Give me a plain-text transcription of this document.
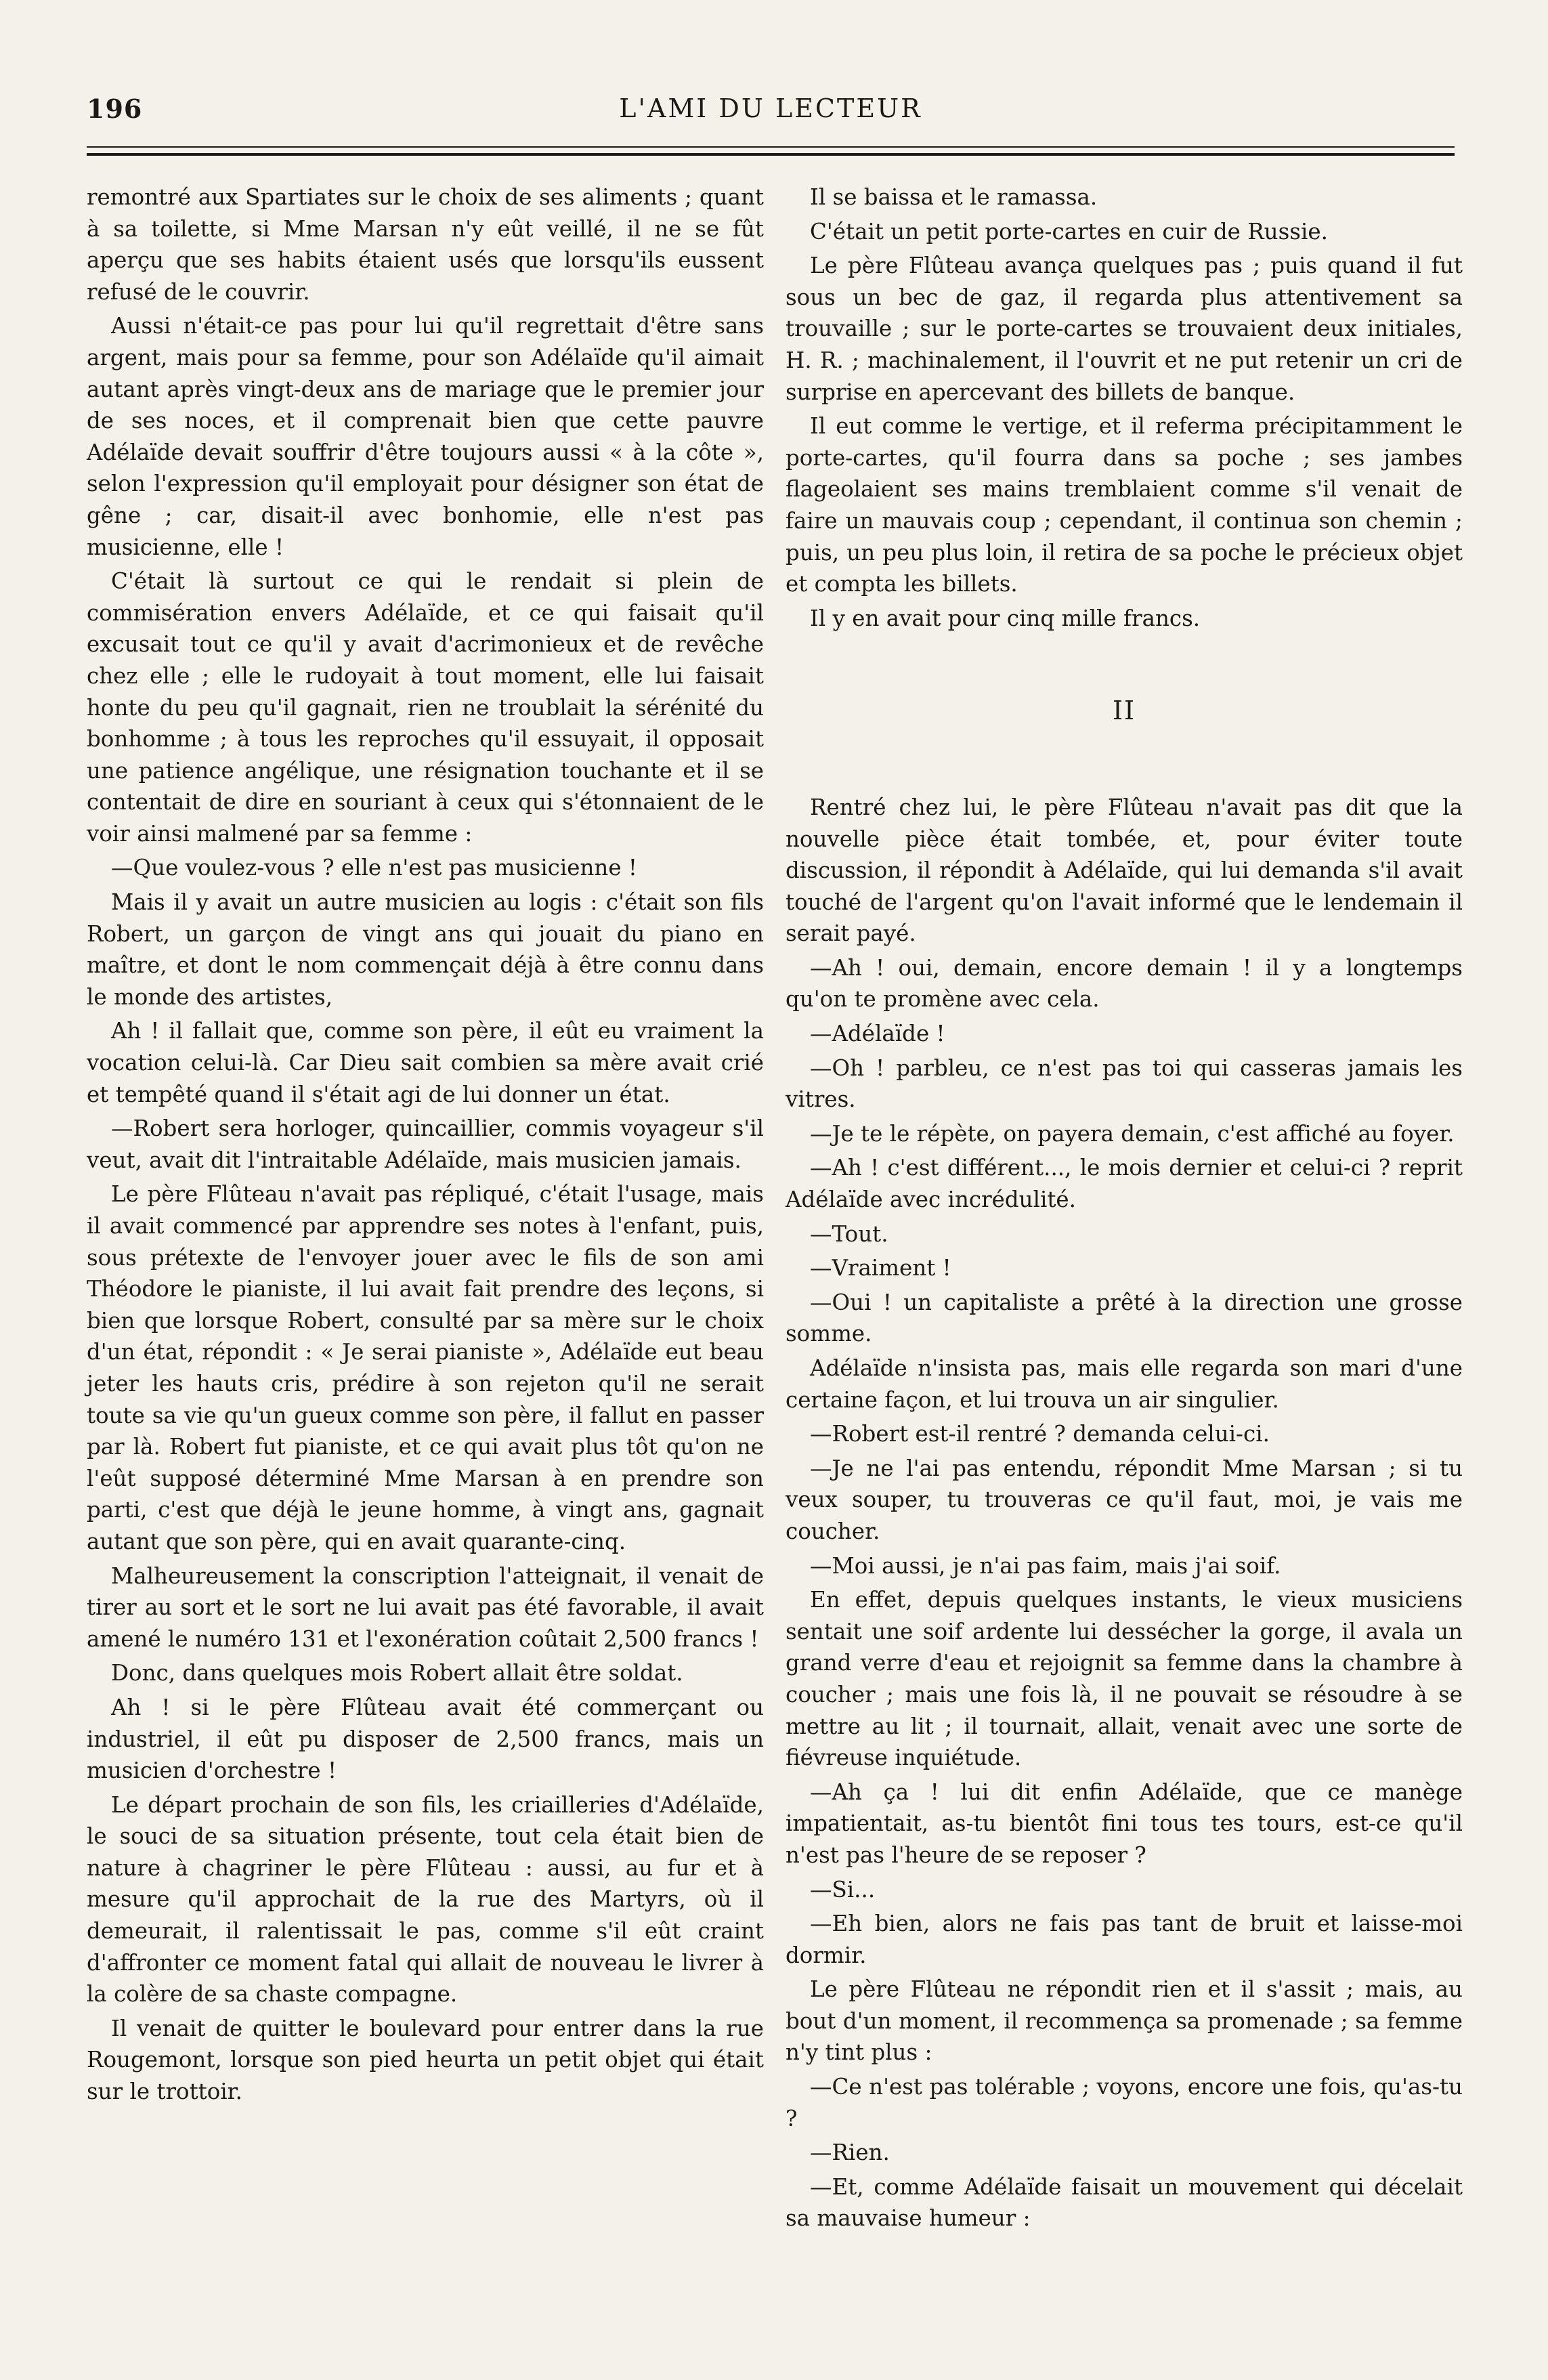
196	L'AMI DU LECTEUR

remontré aux Spartiates sur le choix de ses aliments ; quant à sa toilette, si Mme Marsan n'y eût veillé, il ne se fût aperçu que ses habits étaient usés que lorsqu'ils eussent refusé de le couvrir.

Aussi n'était-ce pas pour lui qu'il regrettait d'être sans argent, mais pour sa femme, pour son Adélaïde qu'il aimait autant après vingt-deux ans de mariage que le premier jour de ses noces, et il comprenait bien que cette pauvre Adélaïde devait souffrir d'être toujours aussi « à la côte », selon l'expression qu'il employait pour désigner son état de gêne ; car, disait-il avec bonhomie, elle n'est pas musicienne, elle !

C'était là surtout ce qui le rendait si plein de commisération envers Adélaïde, et ce qui faisait qu'il excusait tout ce qu'il y avait d'acrimonieux et de revêche chez elle ; elle le rudoyait à tout moment, elle lui faisait honte du peu qu'il gagnait, rien ne troublait la sérénité du bonhomme ; à tous les reproches qu'il essuyait, il opposait une patience angélique, une résignation touchante et il se contentait de dire en souriant à ceux qui s'étonnaient de le voir ainsi malmené par sa femme :

—Que voulez-vous ? elle n'est pas musicienne !

Mais il y avait un autre musicien au logis : c'était son fils Robert, un garçon de vingt ans qui jouait du piano en maître, et dont le nom commençait déjà à être connu dans le monde des artistes,

Ah ! il fallait que, comme son père, il eût eu vraiment la vocation celui-là. Car Dieu sait combien sa mère avait crié et tempêté quand il s'était agi de lui donner un état.

—Robert sera horloger, quincaillier, commis voyageur s'il veut, avait dit l'intraitable Adélaïde, mais musicien jamais.

Le père Flûteau n'avait pas répliqué, c'était l'usage, mais il avait commencé par apprendre ses notes à l'enfant, puis, sous prétexte de l'envoyer jouer avec le fils de son ami Théodore le pianiste, il lui avait fait prendre des leçons, si bien que lorsque Robert, consulté par sa mère sur le choix d'un état, répondit : « Je serai pianiste », Adélaïde eut beau jeter les hauts cris, prédire à son rejeton qu'il ne serait toute sa vie qu'un gueux comme son père, il fallut en passer par là. Robert fut pianiste, et ce qui avait plus tôt qu'on ne l'eût supposé déterminé Mme Marsan à en prendre son parti, c'est que déjà le jeune homme, à vingt ans, gagnait autant que son père, qui en avait quarante-cinq.

Malheureusement la conscription l'atteignait, il venait de tirer au sort et le sort ne lui avait pas été favorable, il avait amené le numéro 131 et l'exonération coûtait 2,500 francs !

Donc, dans quelques mois Robert allait être soldat.

Ah ! si le père Flûteau avait été commerçant ou industriel, il eût pu disposer de 2,500 francs, mais un musicien d'orchestre !

Le départ prochain de son fils, les criailleries d'Adélaïde, le souci de sa situation présente, tout cela était bien de nature à chagriner le père Flûteau : aussi, au fur et à mesure qu'il approchait de la rue des Martyrs, où il demeurait, il ralentissait le pas, comme s'il eût craint d'affronter ce moment fatal qui allait de nouveau le livrer à la colère de sa chaste compagne.

Il venait de quitter le boulevard pour entrer dans la rue Rougemont, lorsque son pied heurta un petit objet qui était sur le trottoir.

Il se baissa et le ramassa.

C'était un petit porte-cartes en cuir de Russie.

Le père Flûteau avança quelques pas ; puis quand il fut sous un bec de gaz, il regarda plus attentivement sa trouvaille ; sur le porte-cartes se trouvaient deux initiales, H. R. ; machinalement, il l'ouvrit et ne put retenir un cri de surprise en apercevant des billets de banque.

Il eut comme le vertige, et il referma précipitamment le porte-cartes, qu'il fourra dans sa poche ; ses jambes flageolaient ses mains tremblaient comme s'il venait de faire un mauvais coup ; cependant, il continua son chemin ; puis, un peu plus loin, il retira de sa poche le précieux objet et compta les billets.

Il y en avait pour cinq mille francs.

II

Rentré chez lui, le père Flûteau n'avait pas dit que la nouvelle pièce était tombée, et, pour éviter toute discussion, il répondit à Adélaïde, qui lui demanda s'il avait touché de l'argent qu'on l'avait informé que le lendemain il serait payé.

—Ah ! oui, demain, encore demain ! il y a longtemps qu'on te promène avec cela.

—Adélaïde !

—Oh ! parbleu, ce n'est pas toi qui casseras jamais les vitres.

—Je te le répète, on payera demain, c'est affiché au foyer.

—Ah ! c'est différent..., le mois dernier et celui-ci ? reprit Adélaïde avec incrédulité.

—Tout.

—Vraiment !

—Oui ! un capitaliste a prêté à la direction une grosse somme.

Adélaïde n'insista pas, mais elle regarda son mari d'une certaine façon, et lui trouva un air singulier.

—Robert est-il rentré ? demanda celui-ci.

—Je ne l'ai pas entendu, répondit Mme Marsan ; si tu veux souper, tu trouveras ce qu'il faut, moi, je vais me coucher.

—Moi aussi, je n'ai pas faim, mais j'ai soif.

En effet, depuis quelques instants, le vieux musiciens sentait une soif ardente lui dessécher la gorge, il avala un grand verre d'eau et rejoignit sa femme dans la chambre à coucher ; mais une fois là, il ne pouvait se résoudre à se mettre au lit ; il tournait, allait, venait avec une sorte de fiévreuse inquiétude.

—Ah ça ! lui dit enfin Adélaïde, que ce manège impatientait, as-tu bientôt fini tous tes tours, est-ce qu'il n'est pas l'heure de se reposer ?

—Si...

—Eh bien, alors ne fais pas tant de bruit et laisse-moi dormir.

Le père Flûteau ne répondit rien et il s'assit ; mais, au bout d'un moment, il recommença sa promenade ; sa femme n'y tint plus :

—Ce n'est pas tolérable ; voyons, encore une fois, qu'as-tu ?

—Rien.

—Et, comme Adélaïde faisait un mouvement qui décelait sa mauvaise humeur :
